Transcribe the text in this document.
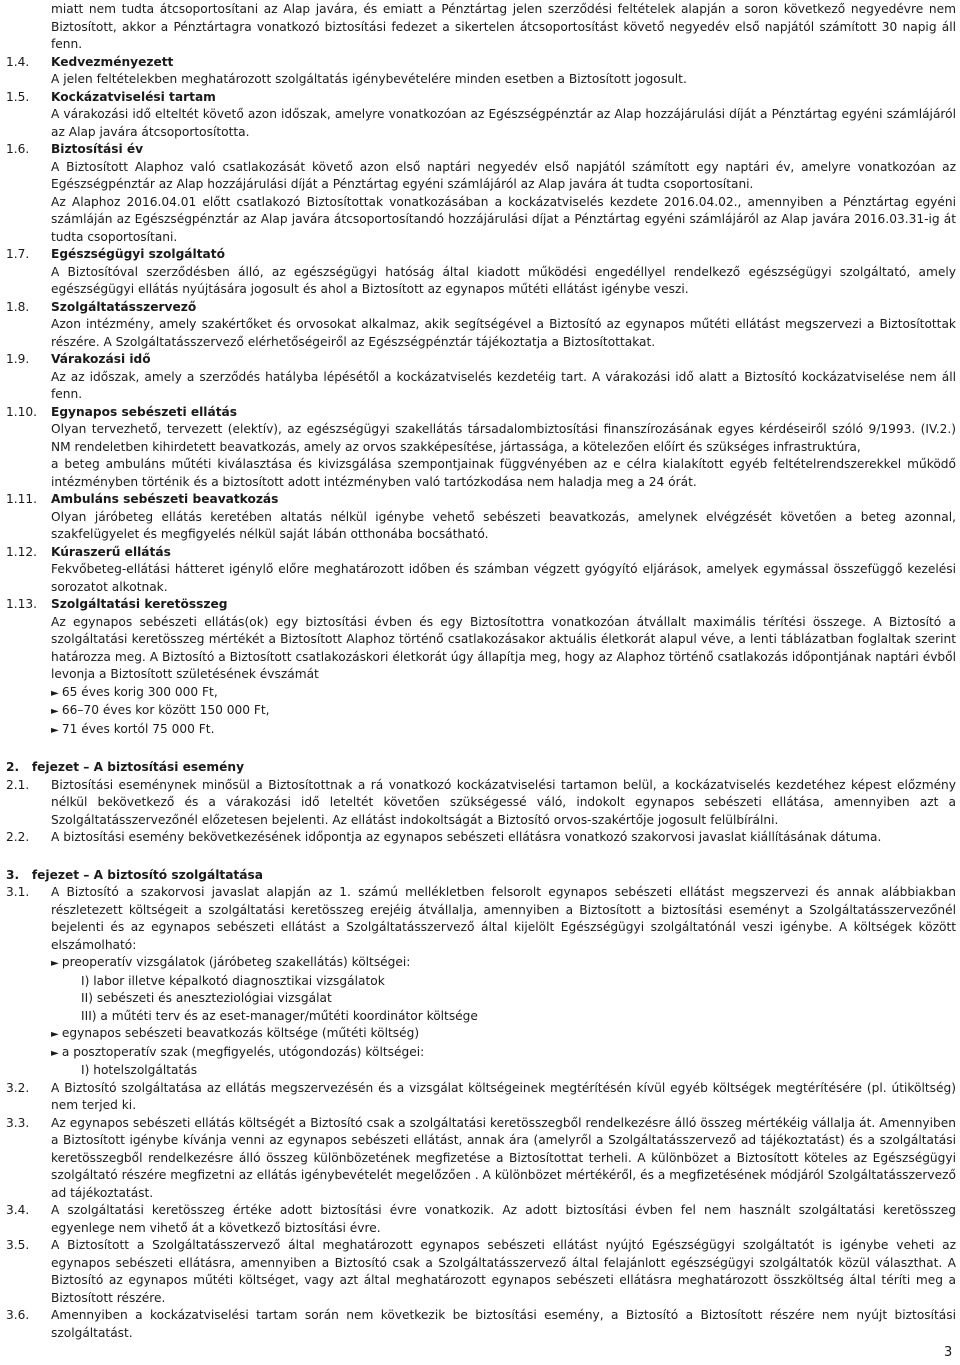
miatt nem tudta átcsoportosítani az Alap javára, és emiatt a Pénztártag jelen szerződési feltételek alapján a soron következő negyedévre nem Biztosított, akkor a Pénztártagra vonatkozó biztosítási fedezet a sikertelen átcsoportosítást követő negyedév első napjától számított 30 napig áll fenn.
1.4.	Kedvezményezett
A jelen feltételekben meghatározott szolgáltatás igénybevételére minden esetben a Biztosított jogosult.
1.5.	Kockázatviselési tartam
A várakozási idő elteltét követő azon időszak, amelyre vonatkozóan az Egészségpénztár az Alap hozzájárulási díját a Pénztártag egyéni számlájáról az Alap javára átcsoportosította.
1.6.	Biztosítási év
A Biztosított Alaphoz való csatlakozását követő azon első naptári negyedév első napjától számított egy naptári év, amelyre vonatkozóan az Egészségpénztár az Alap hozzájárulási díját a Pénztártag egyéni számlájáról az Alap javára át tudta csoportosítani.
Az Alaphoz 2016.04.01 előtt csatlakozó Biztosítottak vonatkozásában a kockázatviselés kezdete 2016.04.02., amennyiben a Pénztártag egyéni számláján az Egészségpénztár az Alap javára átcsoportosítandó hozzájárulási díjat a Pénztártag egyéni számlájáról az Alap javára 2016.03.31-ig át tudta csoportosítani.
1.7.	Egészségügyi szolgáltató
A Biztosítóval szerződésben álló, az egészségügyi hatóság által kiadott működési engedéllyel rendelkező egészségügyi szolgáltató, amely egészségügyi ellátás nyújtására jogosult és ahol a Biztosított az egynapos műtéti ellátást igénybe veszi.
1.8.	Szolgáltatásszervező
Azon intézmény, amely szakértőket és orvosokat alkalmaz, akik segítségével a Biztosító az egynapos műtéti ellátást megszervezi a Biztosítottak részére. A Szolgáltatásszervező elérhetőségeiről az Egészségpénztár tájékoztatja a Biztosítottakat.
1.9.	Várakozási idő
Az az időszak, amely a szerződés hatályba lépésétől a kockázatviselés kezdetéig tart. A várakozási idő alatt a Biztosító kockázatviselése nem áll fenn.
1.10.	Egynapos sebészeti ellátás
Olyan tervezhető, tervezett (elektív), az egészségügyi szakellátás társadalombiztosítási finanszírozásának egyes kérdéseiről szóló 9/1993. (IV.2.) NM rendeletben kihirdetett beavatkozás, amely az orvos szakképesítése, jártassága, a kötelezően előírt és szükséges infrastruktúra,
a beteg ambuláns műtéti kiválasztása és kivizsgálása szempontjainak függvényében az e célra kialakított egyéb feltételrendszerekkel működő intézményben történik és a biztosított adott intézményben való tartózkodása nem haladja meg a 24 órát.
1.11.	Ambuláns sebészeti beavatkozás
Olyan járóbeteg ellátás keretében altatás nélkül igénybe vehető sebészeti beavatkozás, amelynek elvégzését követően a beteg azonnal, szakfelügyelet és megfigyelés nélkül saját lábán otthonába bocsátható.
1.12.	Kúraszerű ellátás
Fekvőbeteg-ellátási hátteret igénylő előre meghatározott időben és számban végzett gyógyító eljárások, amelyek egymással összefüggő kezelési sorozatot alkotnak.
1.13.	Szolgáltatási keretösszeg
Az egynapos sebészeti ellátás(ok) egy biztosítási évben és egy Biztosítottra vonatkozóan átvállalt maximális térítési összege. A Biztosító a szolgáltatási keretösszeg mértékét a Biztosított Alaphoz történő csatlakozásakor aktuális életkorát alapul véve, a lenti táblázatban foglaltak szerint határozza meg. A Biztosító a Biztosított csatlakozáskori életkorát úgy állapítja meg, hogy az Alaphoz történő csatlakozás időpontjának naptári évből levonja a Biztosított születésének évszámát
► 65 éves korig 300 000 Ft,
► 66–70 éves kor között 150 000 Ft,
► 71 éves kortól 75 000 Ft.
2.   fejezet – A biztosítási esemény
2.1.	Biztosítási eseménynek minősül a Biztosítottnak a rá vonatkozó kockázatviselési tartamon belül, a kockázatviselés kezdetéhez képest előzmény nélkül bekövetkező és a várakozási idő leteltét követően szükségessé váló, indokolt egynapos sebészeti ellátása, amennyiben azt a Szolgáltatásszervezőnél előzetesen bejelenti. Az ellátást indokoltságát a Biztosító orvos-szakértője jogosult felülbírálni.
2.2.	A biztosítási esemény bekövetkezésének időpontja az egynapos sebészeti ellátásra vonatkozó szakorvosi javaslat kiállításának dátuma.
3.   fejezet – A biztosító szolgáltatása
3.1.	A Biztosító a szakorvosi javaslat alapján az 1. számú mellékletben felsorolt egynapos sebészeti ellátást megszervezi és annak alábbiakban részletezett költségeit a szolgáltatási keretösszeg erejéig átvállalja, amennyiben a Biztosított a biztosítási eseményt a Szolgáltatásszervezőnél bejelenti és az egynapos sebészeti ellátást a Szolgáltatásszervező által kijelölt Egészségügyi szolgáltatónál veszi igénybe. A költségek között elszámolható:
► preoperatív vizsgálatok (járóbeteg szakellátás) költségei:
I) labor illetve képalkotó diagnosztikai vizsgálatok
II) sebészeti és aneszteziológiai vizsgálat
III) a műtéti terv és az eset-manager/műtéti koordinátor költsége
► egynapos sebészeti beavatkozás költsége (műtéti költség)
► a posztoperatív szak (megfigyelés, utógondozás) költségei:
I) hotelszolgáltatás
3.2.	A Biztosító szolgáltatása az ellátás megszervezésén és a vizsgálat költségeinek megtérítésén kívül egyéb költségek megtérítésére (pl. útiköltség) nem terjed ki.
3.3.	Az egynapos sebészeti ellátás költségét a Biztosító csak a szolgáltatási keretösszegből rendelkezésre álló összeg mértékéig vállalja át. Amennyiben a Biztosított igénybe kívánja venni az egynapos sebészeti ellátást, annak ára (amelyről a Szolgáltatásszervező ad tájékoztatást) és a szolgáltatási keretösszegből rendelkezésre álló összeg különbözetének megfizetése a Biztosítottat terheli. A különbözet a Biztosított köteles az Egészségügyi szolgáltató részére megfizetni az ellátás igénybevételét megelőzően . A különbözet mértékéről, és a megfizetésének módjáról Szolgáltatásszervező ad tájékoztatást.
3.4.	A szolgáltatási keretösszeg értéke adott biztosítási évre vonatkozik. Az adott biztosítási évben fel nem használt szolgáltatási keretösszeg egyenlege nem vihető át a következő biztosítási évre.
3.5.	A Biztosított a Szolgáltatásszervező által meghatározott egynapos sebészeti ellátást nyújtó Egészségügyi szolgáltatót is igénybe veheti az egynapos sebészeti ellátásra, amennyiben a Biztosító csak a Szolgáltatásszervező által felajánlott egészségügyi szolgáltatók közül választhat. A Biztosító az egynapos műtéti költséget, vagy azt által meghatározott egynapos sebészeti ellátásra meghatározott összköltség által téríti meg a Biztosított részére.
3.6.	Amennyiben a kockázatviselési tartam során nem következik be biztosítási esemény, a Biztosító a Biztosított részére nem nyújt biztosítási szolgáltatást.
3
